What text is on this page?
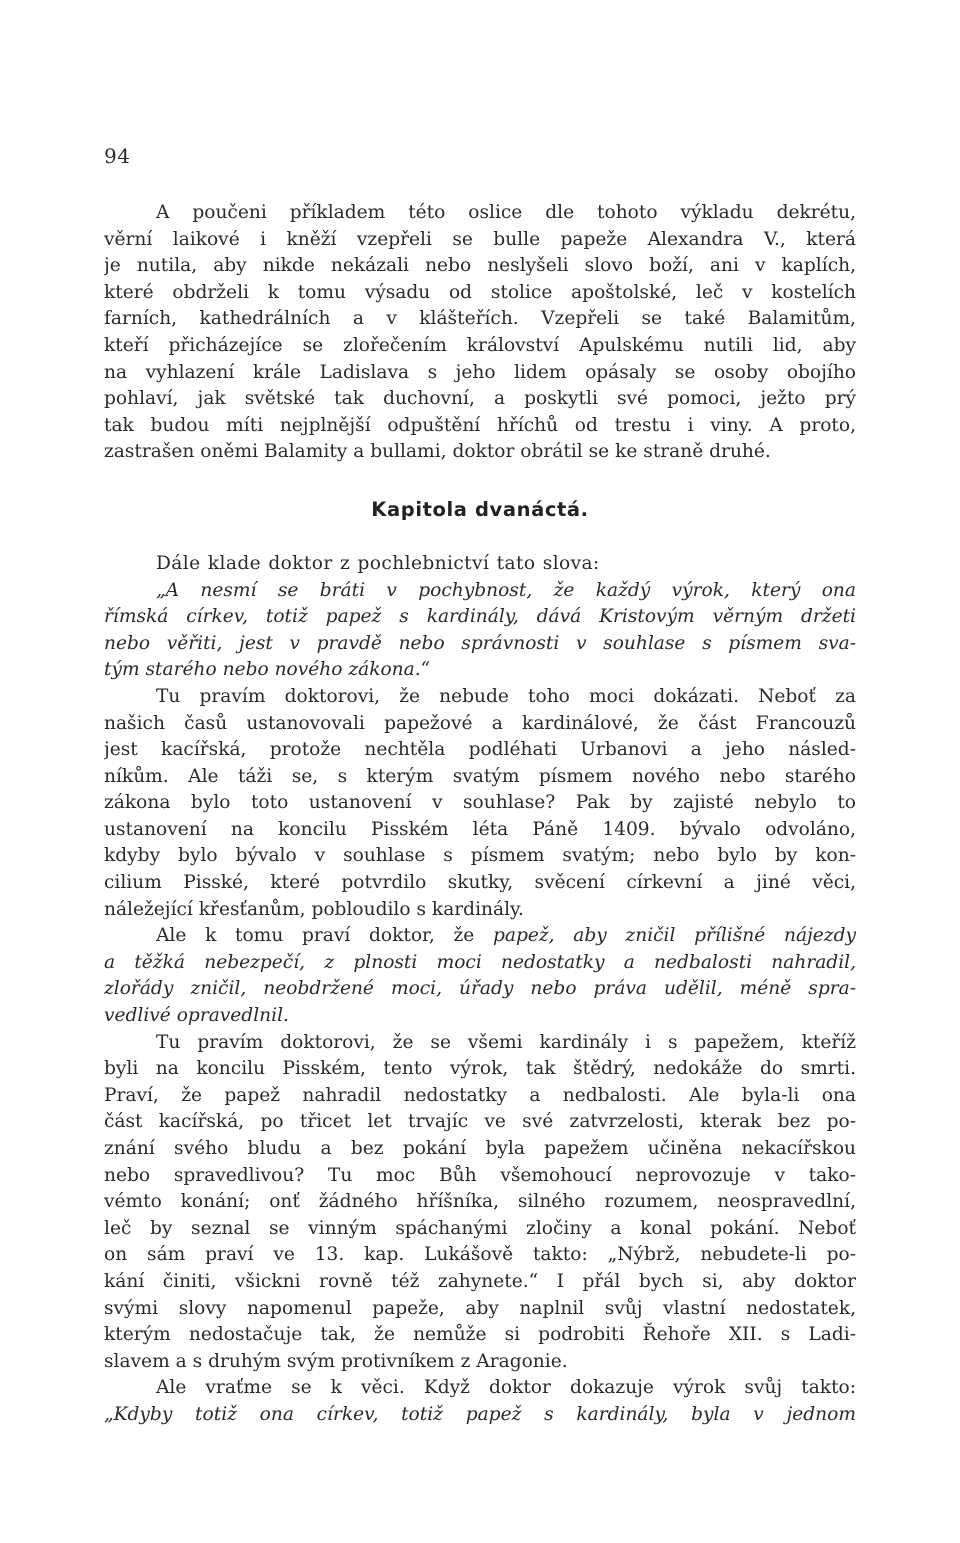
94
A poučeni příkladem této oslice dle tohoto výkladu dekrétu,
věrní laikové i kněží vzepřeli se bulle papeže Alexandra V., která
je nutila, aby nikde nekázali nebo neslyšeli slovo boží, ani v kaplích,
které obdrželi k tomu výsadu od stolice apoštolské, leč v kostelích
farních, kathedrálních a v klášteřích. Vzepřeli se také Balamitům,
kteří přicházejíce se zlořečením království Apulskému nutili lid, aby
na vyhlazení krále Ladislava s jeho lidem opásaly se osoby obojího
pohlaví, jak světské tak duchovní, a poskytli své pomoci, ježto prý
tak budou míti nejplnější odpuštění hříchů od trestu i viny. A proto,
zastrašen oněmi Balamity a bullami, doktor obrátil se ke straně druhé.
Kapitola dvanáctá.
Dále klade doktor z pochlebnictví tato slova:
„A nesmí se bráti v pochybnost, že každý výrok, který ona
římská církev, totiž papež s kardinály, dává Kristovým věrným držeti
nebo věřiti, jest v pravdě nebo správnosti v souhlase s písmem sva-
tým starého nebo nového zákona.“
Tu pravím doktorovi, že nebude toho moci dokázati. Neboť za
našich časů ustanovovali papežové a kardinálové, že část Francouzů
jest kacířská, protože nechtěla podléhati Urbanovi a jeho násled-
níkům. Ale táži se, s kterým svatým písmem nového nebo starého
zákona bylo toto ustanovení v souhlase? Pak by zajisté nebylo to
ustanovení na koncilu Pisském léta Páně 1409. bývalo odvoláno,
kdyby bylo bývalo v souhlase s písmem svatým; nebo bylo by kon-
cilium Pisské, které potvrdilo skutky, svěcení církevní a jiné věci,
náležející křesťanům, pobloudilo s kardinály.
Ale k tomu praví doktor, že papež, aby zničil přílišné nájezdy
a těžká nebezpečí, z plnosti moci nedostatky a nedbalosti nahradil,
zlořády zničil, neobdržené moci, úřady nebo práva udělil, méně spra-
vedlivé opravedlnil.
Tu pravím doktorovi, že se všemi kardinály i s papežem, kteříž
byli na koncilu Pisském, tento výrok, tak štědrý, nedokáže do smrti.
Praví, že papež nahradil nedostatky a nedbalosti. Ale byla-li ona
část kacířská, po třicet let trvajíc ve své zatvrzelosti, kterak bez po-
znání svého bludu a bez pokání byla papežem učiněna nekacířskou
nebo spravedlivou? Tu moc Bůh všemohoucí neprovozuje v tako-
vémto konání; onť žádného hříšníka, silného rozumem, neospravedlní,
leč by seznal se vinným spáchanými zločiny a konal pokání. Neboť
on sám praví ve 13. kap. Lukášově takto: „Nýbrž, nebudete-li po-
kání činiti, všickni rovně též zahynete.“ I přál bych si, aby doktor
svými slovy napomenul papeže, aby naplnil svůj vlastní nedostatek,
kterým nedostačuje tak, že nemůže si podrobiti Řehoře XII. s Ladi-
slavem a s druhým svým protivníkem z Aragonie.
Ale vraťme se k věci. Když doktor dokazuje výrok svůj takto:
„Kdyby totiž ona církev, totiž papež s kardinály, byla v jednom
